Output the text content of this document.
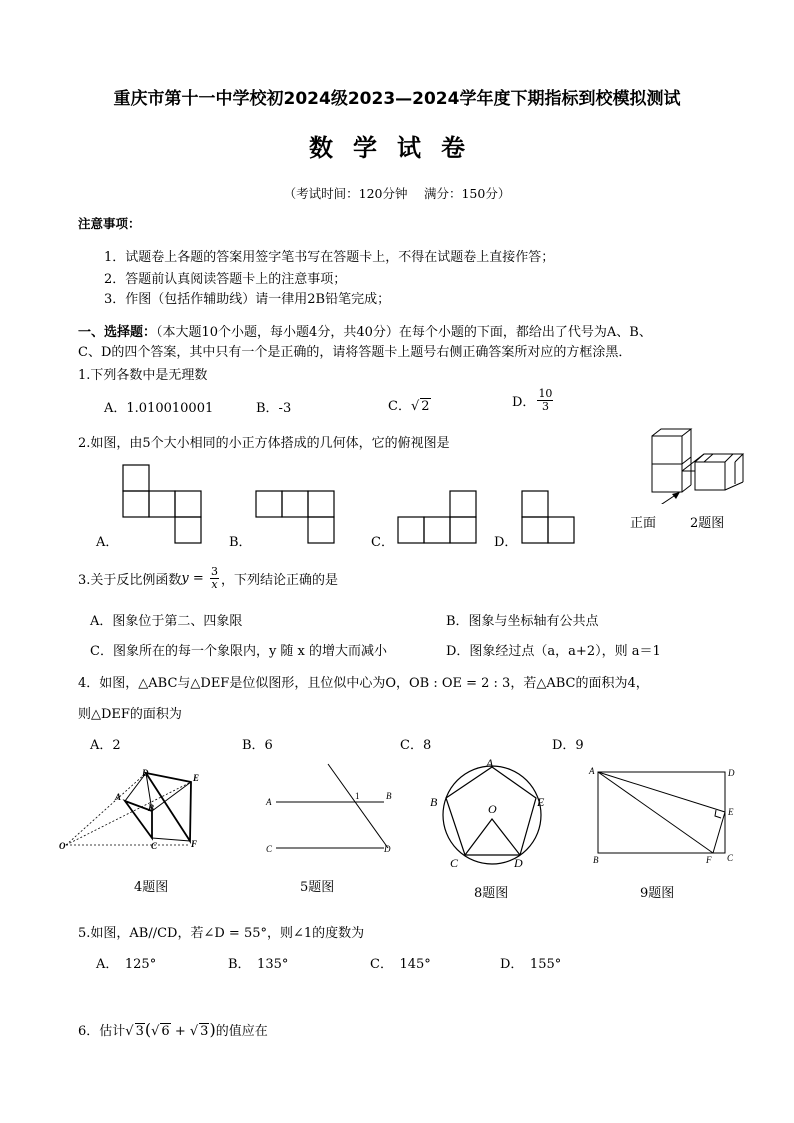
重庆市第十一中学校初2024级2023—2024学年度下期指标到校模拟测试
数学试卷
（考试时间：120分钟　 满分：150分）
注意事项：
1．试题卷上各题的答案用签字笔书写在答题卡上，不得在试题卷上直接作答；
2．答题前认真阅读答题卡上的注意事项；
3．作图（包括作辅助线）请一律用2B铅笔完成；
一、选择题：（本大题10个小题，每小题4分，共40分）在每个小题的下面，都给出了代号为A、B、
C、D的四个答案，其中只有一个是正确的，请将答题卡上题号右侧正确答案所对应的方框涂黑．
1.下列各数中是无理数
A．1.010010001	B．-3	C．√ 2	D． $\frac{10}{3}$
2.如图，由5个大小相同的小正方体搭成的几何体，它的俯视图是
A．	B．	C．	D．
正面	2题图
3.关于反比例函数$y = \frac{3}{x}$ ，下列结论正确的是
A．图象位于第二、四象限	B．图象与坐标轴有公共点
C．图象所在的每一个象限内，y 随 x 的增大而减小	D．图象经过点（a，a+2），则 a＝1
4．如图，△ABC与△DEF是位似图形，且位似中心为O，OB : OE = 2 : 3，若△ABC的面积为4，
则△DEF的面积为
A．2	B．6	C．8	D．9
D	E
A
B
O	C	F
4题图
A
B
C	D
1
5题图
A
B	E
O
C	D
8题图
A	D
E
B	F C
9题图
5.如图，AB//CD，若∠D = 55°，则∠1的度数为
A．　125°	B．　135°	C．　145°	D．　155°
6．估计√ 3(√ 6 + √ 3)的值应在
